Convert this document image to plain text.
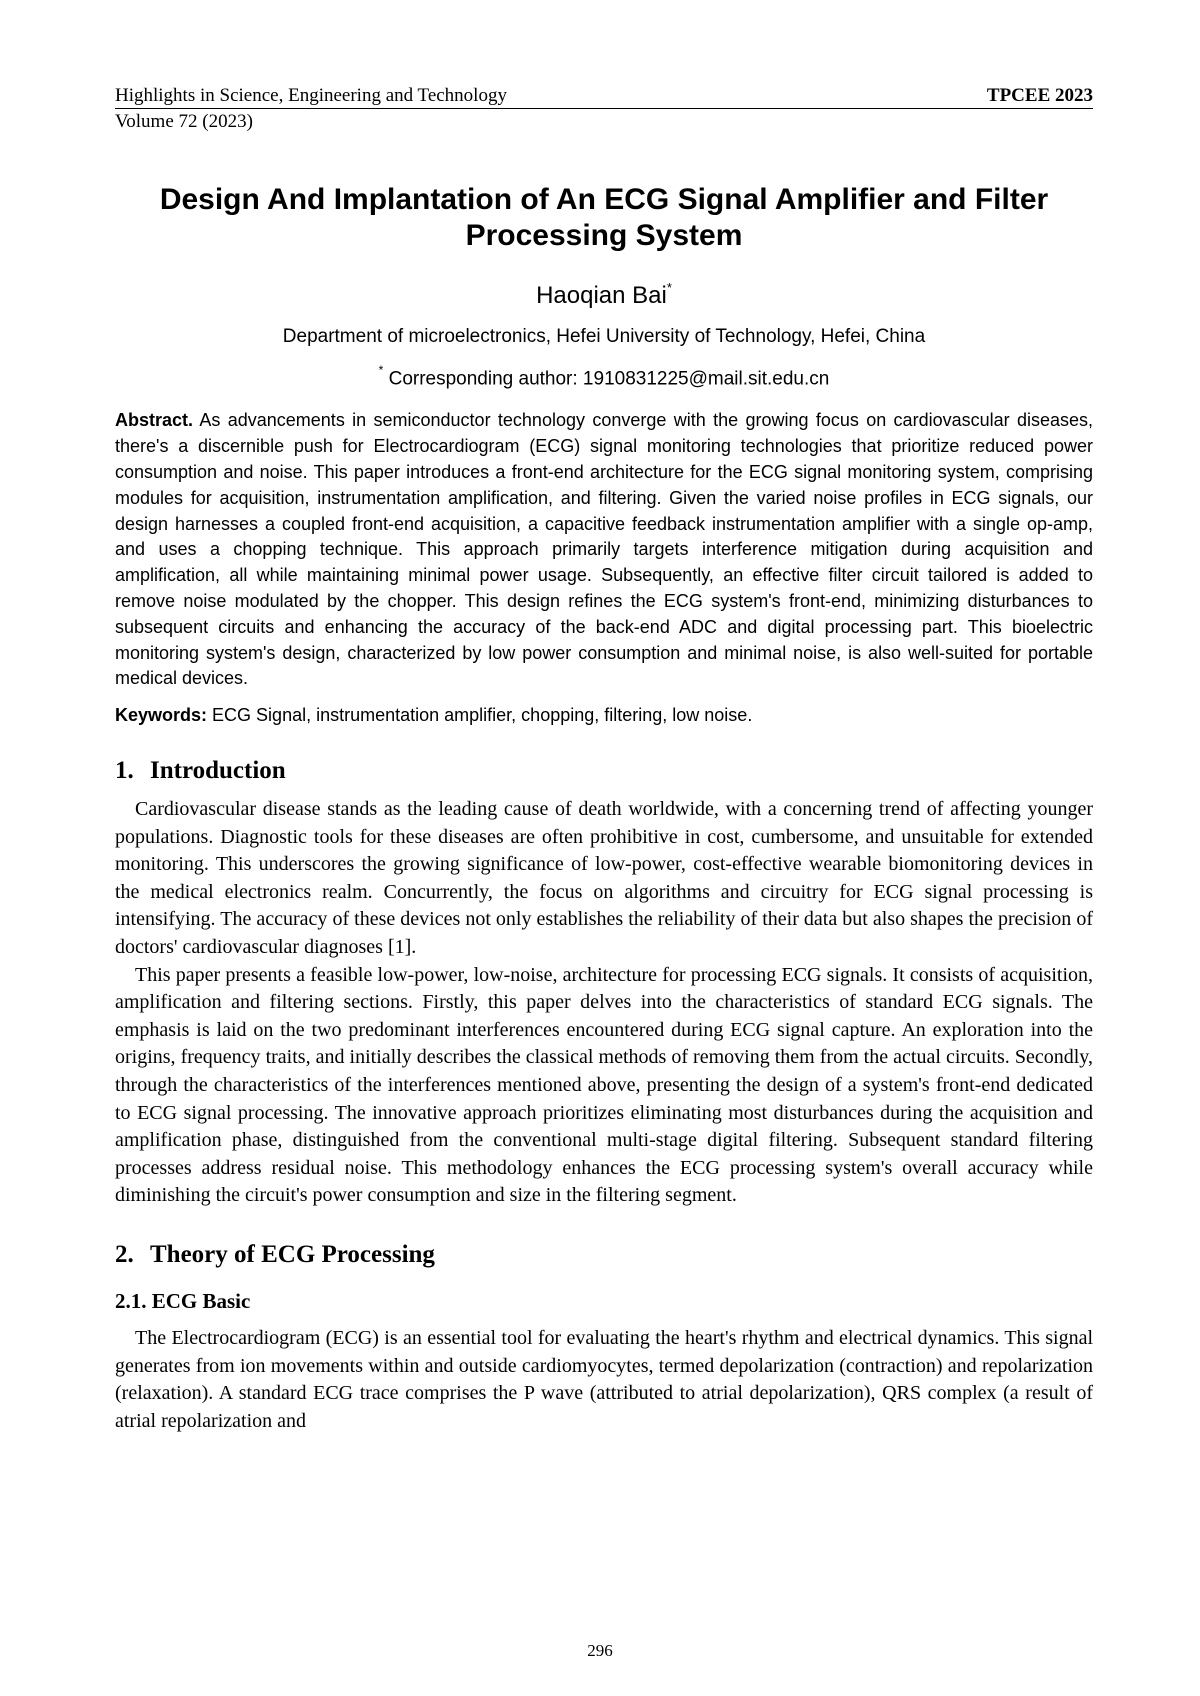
Highlights in Science, Engineering and Technology	TPCEE 2023
Volume 72 (2023)
Design And Implantation of An ECG Signal Amplifier and Filter Processing System
Haoqian Bai*
Department of microelectronics, Hefei University of Technology, Hefei, China
* Corresponding author: 1910831225@mail.sit.edu.cn
Abstract. As advancements in semiconductor technology converge with the growing focus on cardiovascular diseases, there's a discernible push for Electrocardiogram (ECG) signal monitoring technologies that prioritize reduced power consumption and noise. This paper introduces a front-end architecture for the ECG signal monitoring system, comprising modules for acquisition, instrumentation amplification, and filtering. Given the varied noise profiles in ECG signals, our design harnesses a coupled front-end acquisition, a capacitive feedback instrumentation amplifier with a single op-amp, and uses a chopping technique. This approach primarily targets interference mitigation during acquisition and amplification, all while maintaining minimal power usage. Subsequently, an effective filter circuit tailored is added to remove noise modulated by the chopper. This design refines the ECG system's front-end, minimizing disturbances to subsequent circuits and enhancing the accuracy of the back-end ADC and digital processing part. This bioelectric monitoring system's design, characterized by low power consumption and minimal noise, is also well-suited for portable medical devices.
Keywords: ECG Signal, instrumentation amplifier, chopping, filtering, low noise.
1. Introduction

Cardiovascular disease stands as the leading cause of death worldwide, with a concerning trend of affecting younger populations. Diagnostic tools for these diseases are often prohibitive in cost, cumbersome, and unsuitable for extended monitoring. This underscores the growing significance of low-power, cost-effective wearable biomonitoring devices in the medical electronics realm. Concurrently, the focus on algorithms and circuitry for ECG signal processing is intensifying. The accuracy of these devices not only establishes the reliability of their data but also shapes the precision of doctors' cardiovascular diagnoses [1].

This paper presents a feasible low-power, low-noise, architecture for processing ECG signals. It consists of acquisition, amplification and filtering sections. Firstly, this paper delves into the characteristics of standard ECG signals. The emphasis is laid on the two predominant interferences encountered during ECG signal capture. An exploration into the origins, frequency traits, and initially describes the classical methods of removing them from the actual circuits. Secondly, through the characteristics of the interferences mentioned above, presenting the design of a system's front-end dedicated to ECG signal processing. The innovative approach prioritizes eliminating most disturbances during the acquisition and amplification phase, distinguished from the conventional multi-stage digital filtering. Subsequent standard filtering processes address residual noise. This methodology enhances the ECG processing system's overall accuracy while diminishing the circuit's power consumption and size in the filtering segment.

2. Theory of ECG Processing
2.1. ECG Basic

The Electrocardiogram (ECG) is an essential tool for evaluating the heart's rhythm and electrical dynamics. This signal generates from ion movements within and outside cardiomyocytes, termed depolarization (contraction) and repolarization (relaxation). A standard ECG trace comprises the P wave (attributed to atrial depolarization), QRS complex (a result of atrial repolarization and

296
